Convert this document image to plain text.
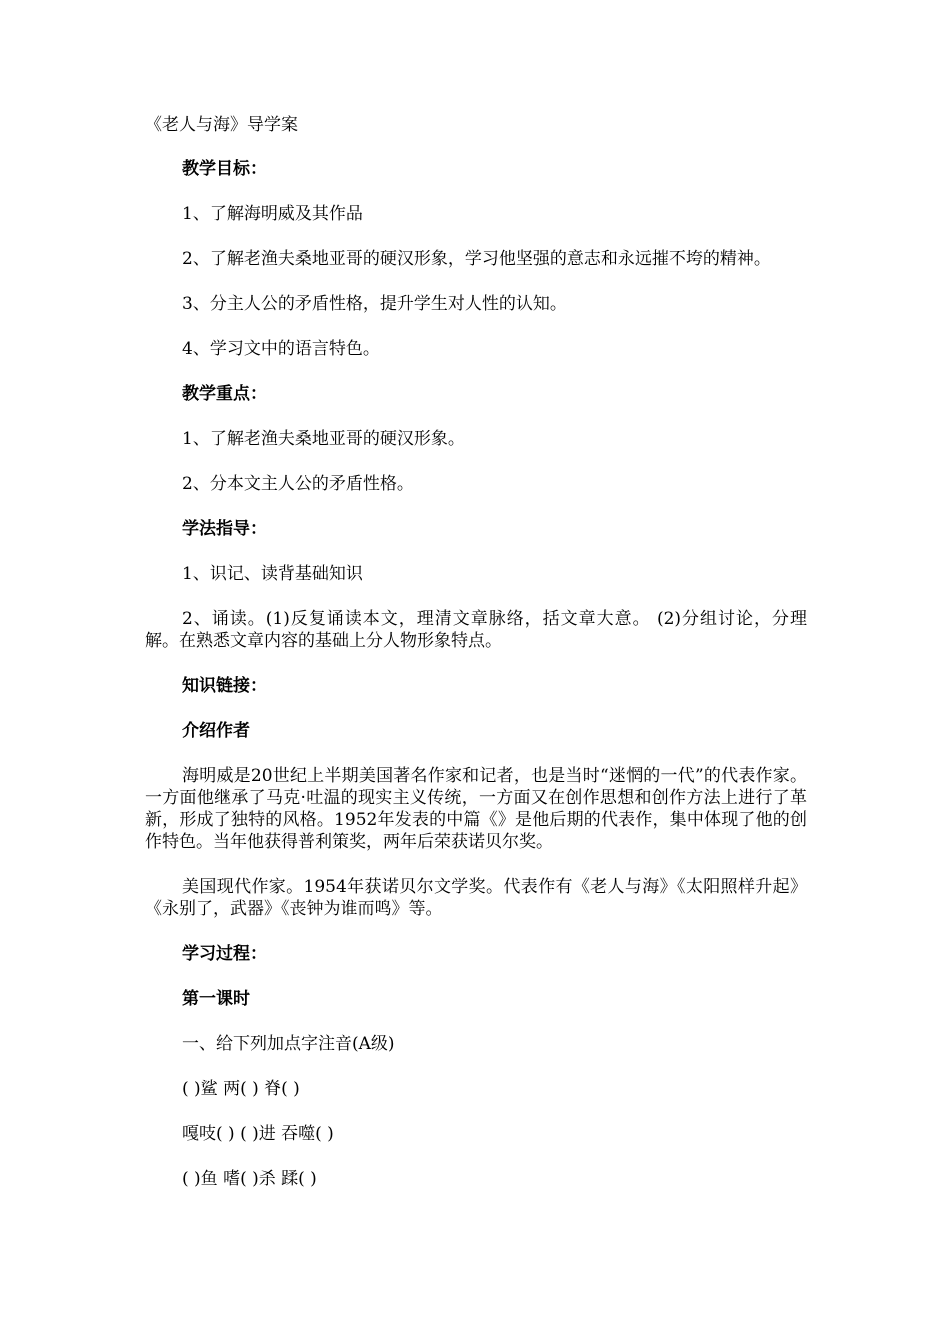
《老人与海》导学案

教学目标：

1、了解海明威及其作品

2、了解老渔夫桑地亚哥的硬汉形象，学习他坚强的意志和永远摧不垮的精神。

3、分主人公的矛盾性格，提升学生对人性的认知。

4、学习文中的语言特色。

教学重点：

1、了解老渔夫桑地亚哥的硬汉形象。

2、分本文主人公的矛盾性格。

学法指导：

1、识记、读背基础知识

2、诵读。(1)反复诵读本文，理清文章脉络，括文章大意。 (2)分组讨论，分理解。在熟悉文章内容的基础上分人物形象特点。

知识链接：

介绍作者

海明威是20世纪上半期美国著名作家和记者，也是当时“迷惘的一代”的代表作家。一方面他继承了马克·吐温的现实主义传统，一方面又在创作思想和创作方法上进行了革新，形成了独特的风格。1952年发表的中篇《》是他后期的代表作，集中体现了他的创作特色。当年他获得普利策奖，两年后荣获诺贝尔奖。

美国现代作家。1954年获诺贝尔文学奖。代表作有《老人与海》《太阳照样升起》《永别了，武器》《丧钟为谁而鸣》等。

学习过程：

第一课时

一、给下列加点字注音(A级)

( )鲨 两( ) 脊( )

嘎吱( ) ( )进 吞噬( )

( )鱼 嗜( )杀 蹂( )
